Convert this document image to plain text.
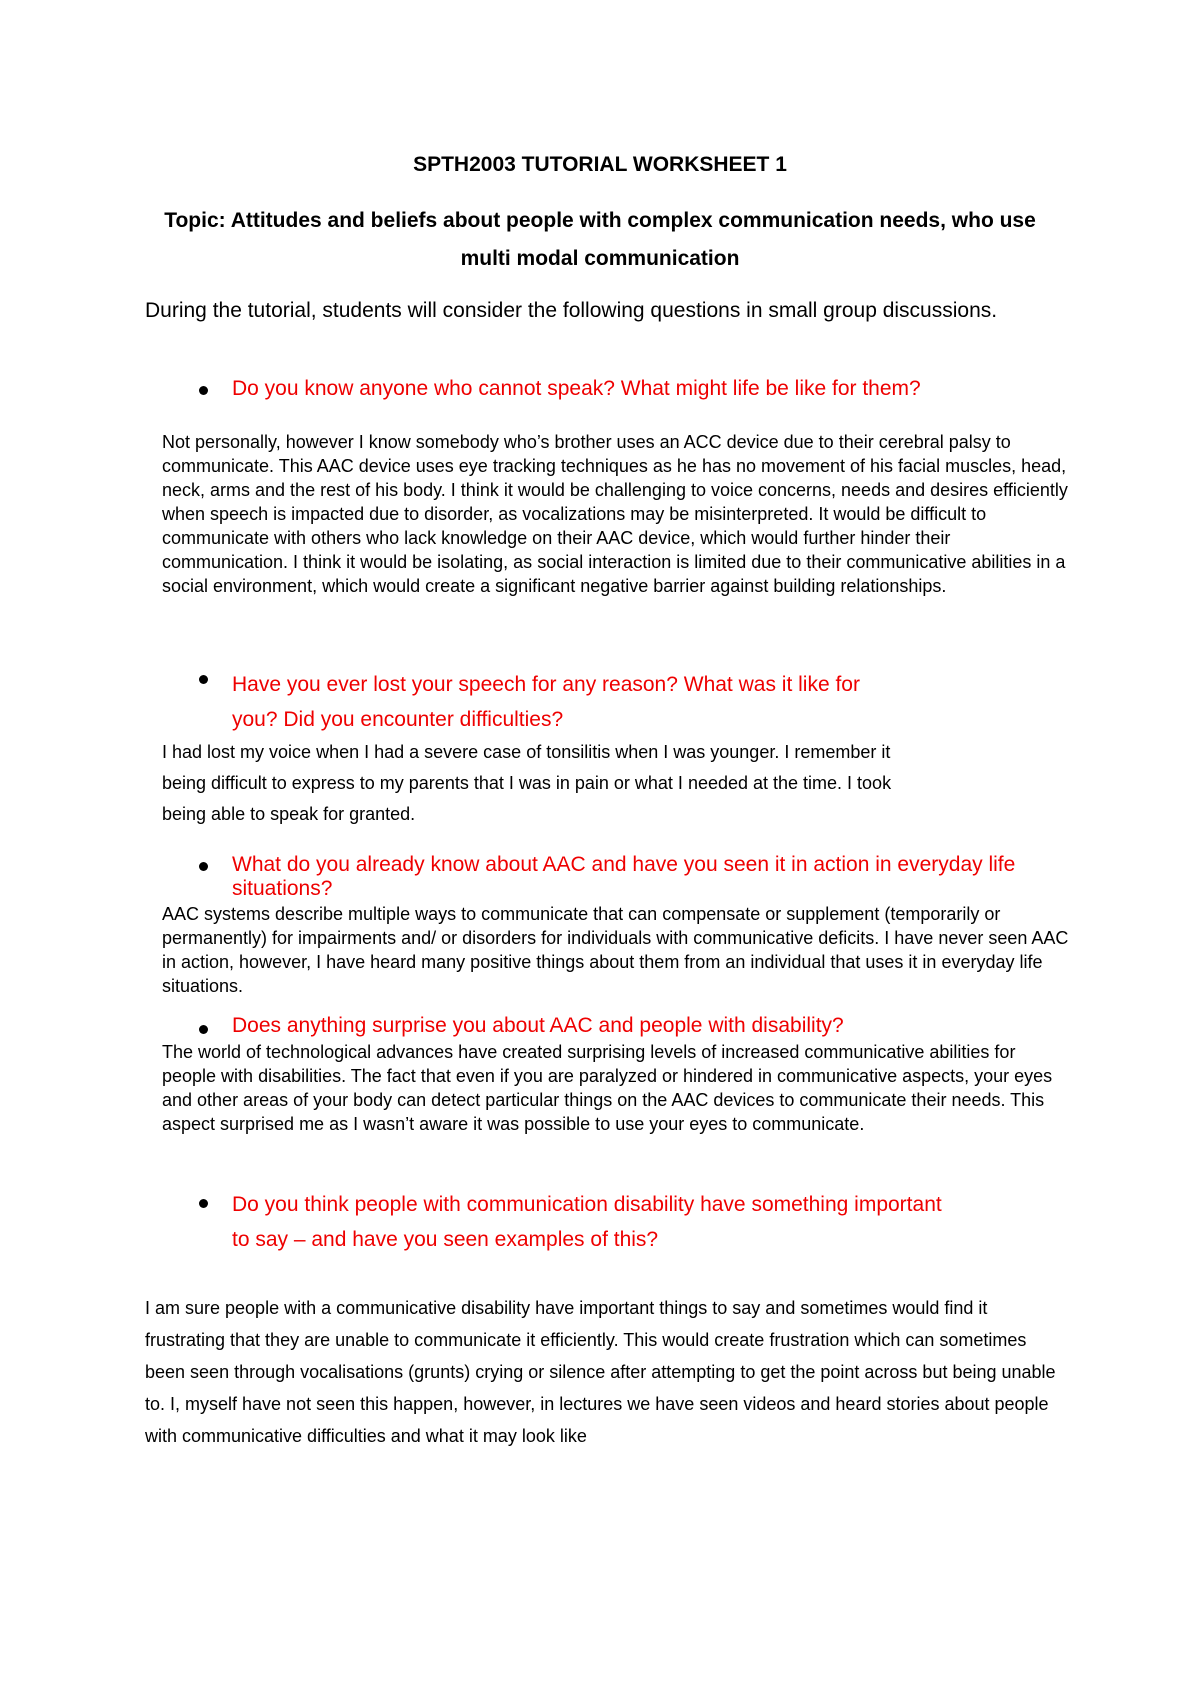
SPTH2003 TUTORIAL WORKSHEET 1

Topic: Attitudes and beliefs about people with complex communication needs, who use multi modal communication

During the tutorial, students will consider the following questions in small group discussions.

Do you know anyone who cannot speak? What might life be like for them?

Not personally, however I know somebody who’s brother uses an ACC device due to their cerebral palsy to communicate. This AAC device uses eye tracking techniques as he has no movement of his facial muscles, head, neck, arms and the rest of his body. I think it would be challenging to voice concerns, needs and desires efficiently when speech is impacted due to disorder, as vocalizations may be misinterpreted. It would be difficult to communicate with others who lack knowledge on their AAC device, which would further hinder their communication. I think it would be isolating, as social interaction is limited due to their communicative abilities in a social environment, which would create a significant negative barrier against building relationships.

Have you ever lost your speech for any reason? What was it like for you? Did you encounter difficulties?

I had lost my voice when I had a severe case of tonsilitis when I was younger. I remember it being difficult to express to my parents that I was in pain or what I needed at the time. I took being able to speak for granted.

What do you already know about AAC and have you seen it in action in everyday life situations?

AAC systems describe multiple ways to communicate that can compensate or supplement (temporarily or permanently) for impairments and/ or disorders for individuals with communicative deficits. I have never seen AAC in action, however, I have heard many positive things about them from an individual that uses it in everyday life situations.

Does anything surprise you about AAC and people with disability?

The world of technological advances have created surprising levels of increased communicative abilities for people with disabilities. The fact that even if you are paralyzed or hindered in communicative aspects, your eyes and other areas of your body can detect particular things on the AAC devices to communicate their needs. This aspect surprised me as I wasn’t aware it was possible to use your eyes to communicate.

Do you think people with communication disability have something important to say – and have you seen examples of this?

I am sure people with a communicative disability have important things to say and sometimes would find it frustrating that they are unable to communicate it efficiently. This would create frustration which can sometimes been seen through vocalisations (grunts) crying or silence after attempting to get the point across but being unable to. I, myself have not seen this happen, however, in lectures we have seen videos and heard stories about people with communicative difficulties and what it may look like
